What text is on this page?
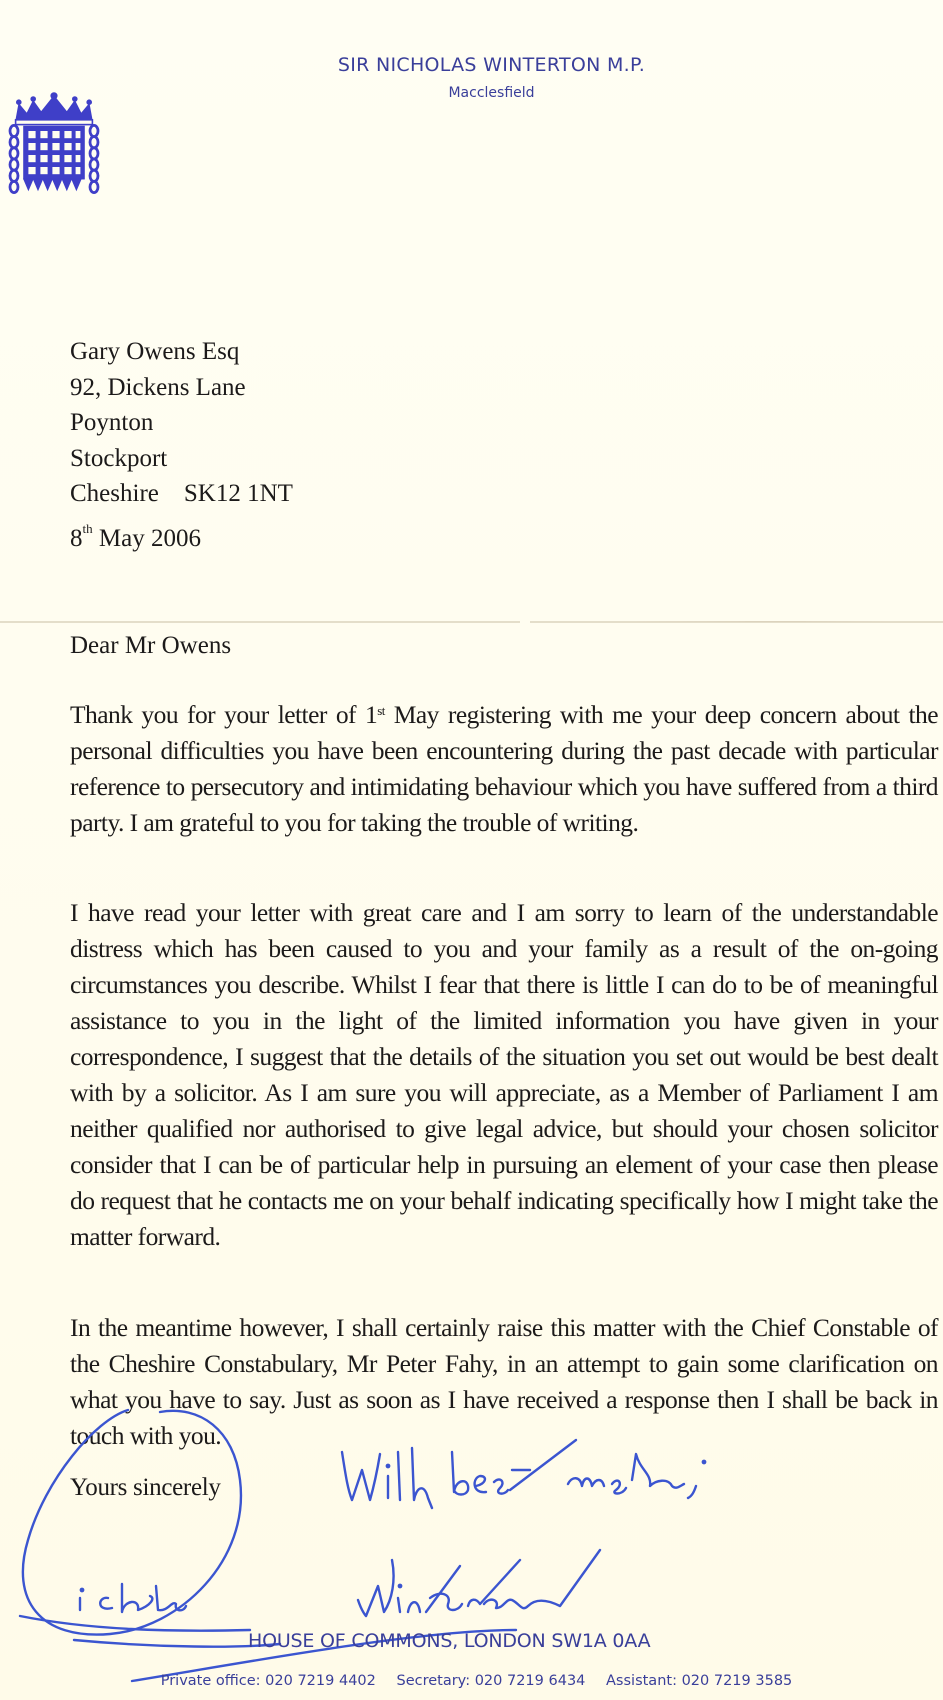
SIR NICHOLAS WINTERTON M.P.
Macclesfield
Gary Owens Esq
92, Dickens Lane
Poynton
Stockport
Cheshire    SK12 1NT
8th May 2006
Dear Mr Owens
Thank you for your letter of 1st May registering with me your deep concern about the personal difficulties you have been encountering during the past decade with particular reference to persecutory and intimidating behaviour which you have suffered from a third party. I am grateful to you for taking the trouble of writing.
I have read your letter with great care and I am sorry to learn of the understandable distress which has been caused to you and your family as a result of the on-going circumstances you describe. Whilst I fear that there is little I can do to be of meaningful assistance to you in the light of the limited information you have given in your correspondence, I suggest that the details of the situation you set out would be best dealt with by a solicitor. As I am sure you will appreciate, as a Member of Parliament I am neither qualified nor authorised to give legal advice, but should your chosen solicitor consider that I can be of particular help in pursuing an element of your case then please do request that he contacts me on your behalf indicating specifically how I might take the matter forward.
In the meantime however, I shall certainly raise this matter with the Chief Constable of the Cheshire Constabulary, Mr Peter Fahy, in an attempt to gain some clarification on what you have to say. Just as soon as I have received a response then I shall be back in touch with you.
Yours sincerely
HOUSE OF COMMONS, LONDON SW1A 0AA
Private office: 020 7219 4402 Secretary: 020 7219 6434 Assistant: 020 7219 3585
